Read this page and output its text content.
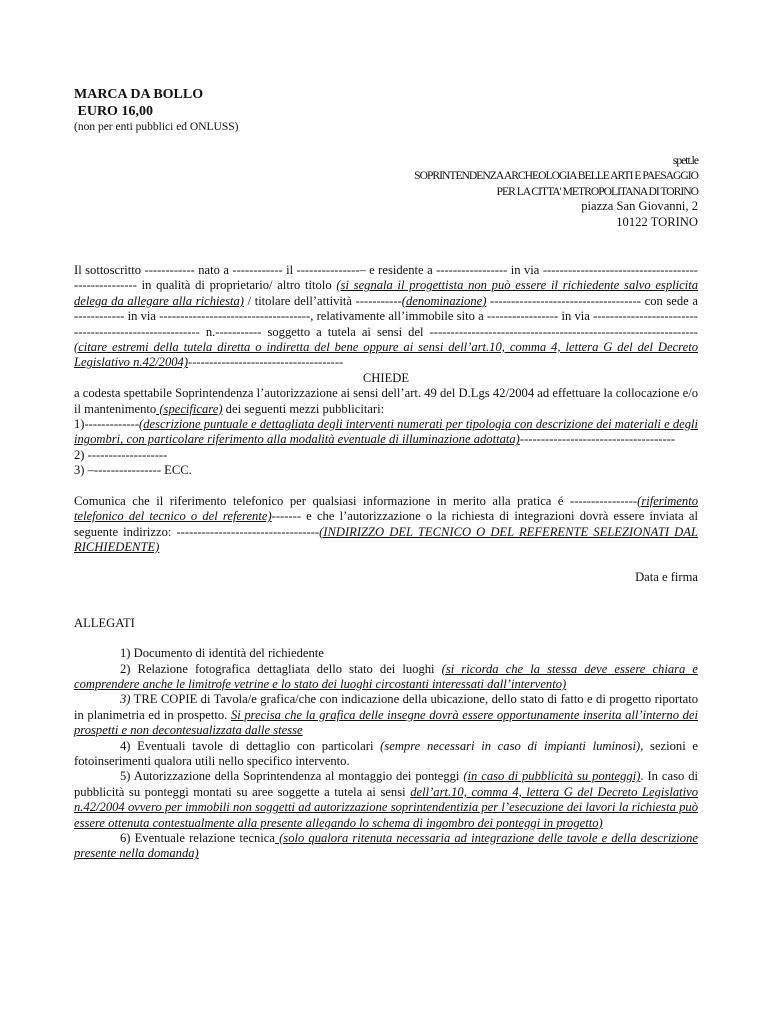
MARCA DA BOLLO
EURO 16,00
(non per enti pubblici ed ONLUSS)
spett.le
SOPRINTENDENZA ARCHEOLOGIA BELLE ARTI E PAESAGGIO
PER LA CITTA' METROPOLITANA DI TORINO
piazza San Giovanni, 2
10122 TORINO

Il sottoscritto ------------ nato a ------------ il ---------------– e residente a ----------------- in via ---------------------------------------------------- in qualità di proprietario/ altro titolo (si segnala il progettista non può essere il richiedente salvo esplicita delega da allegare alla richiesta) / titolare dell’attività -----------(denominazione) ------------------------------------ con sede a ------------ in via ------------------------------------, relativamente all’immobile sito a ----------------- in via ------------------------------------------------------- n.----------- soggetto a tutela ai sensi del ---------------------------------------------------------------- (citare estremi della tutela diretta o indiretta del bene oppure ai sensi dell’art.10, comma 4, lettera G del del Decreto Legislativo n.42/2004)-------------------------------------

CHIEDE

a codesta spettabile Soprintendenza l’autorizzazione ai sensi dell’art. 49 del D.Lgs 42/2004 ad effettuare la collocazione e/o il mantenimento (specificare) dei seguenti mezzi pubblicitari:

1)-------------(descrizione puntuale e dettagliata degli interventi numerati per tipologia con descrizione dei materiali e degli ingombri, con particolare riferimento alla modalità eventuale di illuminazione adottata)-------------------------------------

2) -------------------

3) –---------------- ECC.

Comunica che il riferimento telefonico per qualsiasi informazione in merito alla pratica é ----------------(riferimento telefonico del tecnico o del referente)------- e che l’autorizzazione o la richiesta di integrazioni dovrà essere inviata al seguente indirizzo: ----------------------------------(INDIRIZZO DEL TECNICO O DEL REFERENTE SELEZIONATI DAL RICHIEDENTE)

Data e firma

ALLEGATI

1) Documento di identità del richiedente

2) Relazione fotografica dettagliata dello stato dei luoghi (si ricorda che la stessa deve essere chiara e comprendere anche le limitrofe vetrine e lo stato dei luoghi circostanti interessati dall’intervento)

3) TRE COPIE di Tavola/e grafica/che con indicazione della ubicazione, dello stato di fatto e di progetto riportato in planimetria ed in prospetto. Si precisa che la grafica delle insegne dovrà essere opportunamente inserita all’interno dei prospetti e non decontesualizzata dalle stesse

4) Eventuali tavole di dettaglio con particolari (sempre necessari in caso di impianti luminosi), sezioni e fotoinserimenti qualora utili nello specifico intervento.

5) Autorizzazione della Soprintendenza al montaggio dei ponteggi (in caso di pubblicità su ponteggi). In caso di pubblicità su ponteggi montati su aree soggette a tutela ai sensi dell’art.10, comma 4, lettera G del Decreto Legislativo n.42/2004 ovvero per immobili non soggetti ad autorizzazione soprintendentizia per l’esecuzione dei lavori la richiesta può essere ottenuta contestualmente alla presente allegando lo schema di ingombro dei ponteggi in progetto)

6) Eventuale relazione tecnica (solo qualora ritenuta necessaria ad integrazione delle tavole e della descrizione presente nella domanda)
